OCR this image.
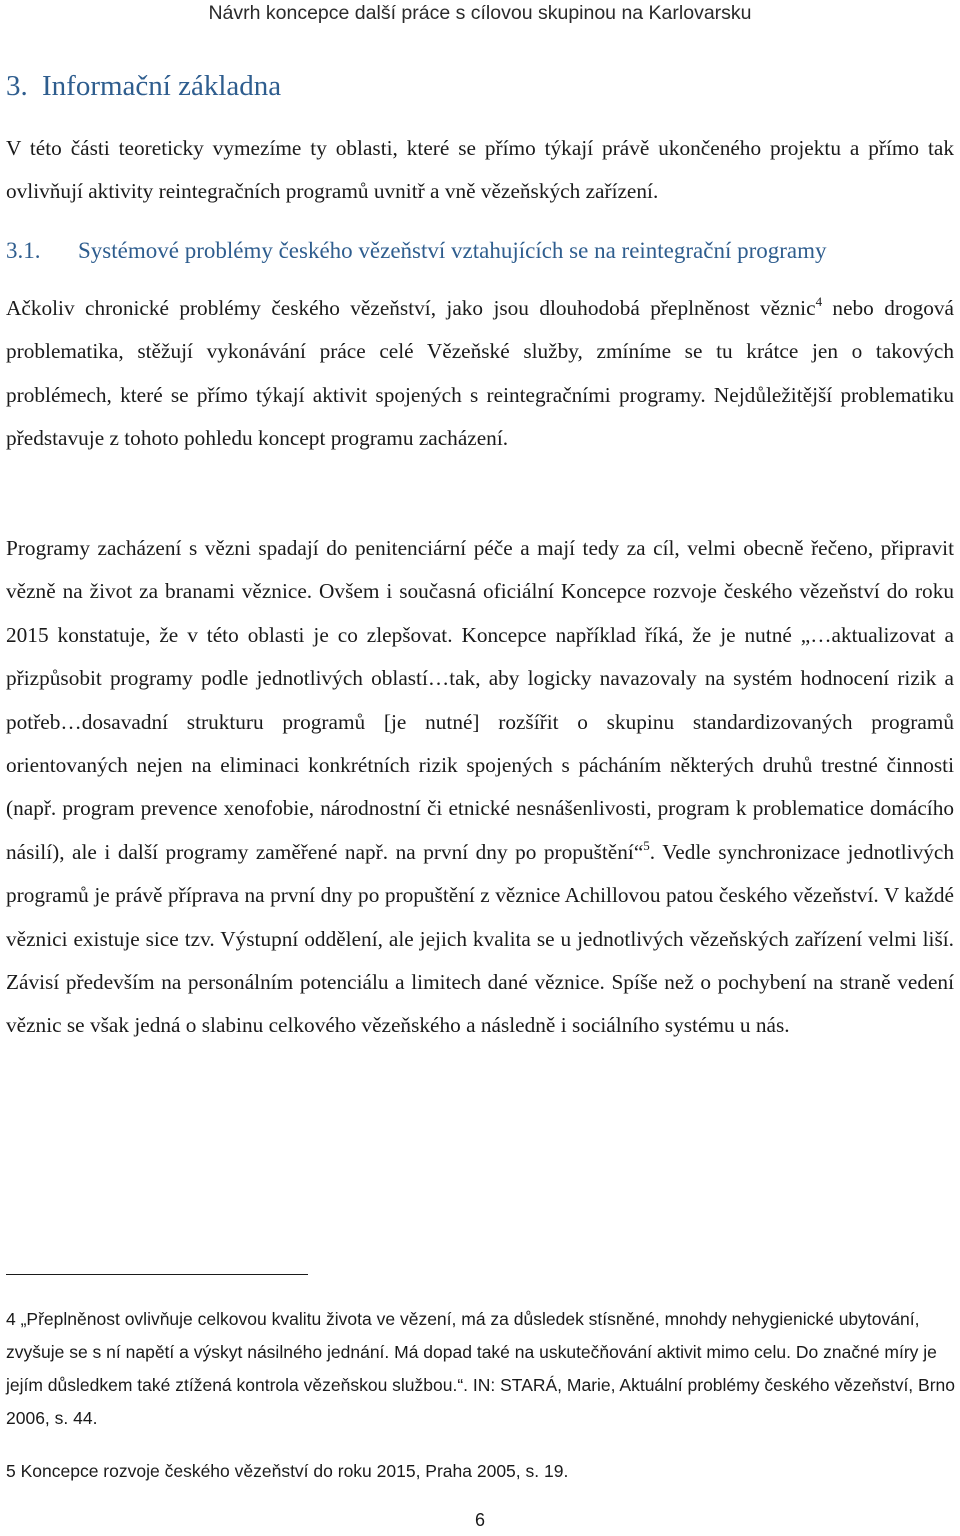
Návrh koncepce další práce s cílovou skupinou na Karlovarsku
3. Informační základna
V této části teoreticky vymezíme ty oblasti, které se přímo týkají právě ukončeného projektu a přímo tak ovlivňují aktivity reintegračních programů uvnitř a vně vězeňských zařízení.
3.1. Systémové problémy českého vězeňství vztahujících se na reintegrační programy
Ačkoliv chronické problémy českého vězeňství, jako jsou dlouhodobá přeplněnost věznic$^4$ nebo drogová problematika, stěžují vykonávání práce celé Vězeňské služby, zmíníme se tu krátce jen o takových problémech, které se přímo týkají aktivit spojených s reintegračními programy. Nejdůležitější problematiku představuje z tohoto pohledu koncept programu zacházení.
Programy zacházení s vězni spadají do penitenciární péče a mají tedy za cíl, velmi obecně řečeno, připravit vězně na život za branami věznice. Ovšem i současná oficiální Koncepce rozvoje českého vězeňství do roku 2015 konstatuje, že v této oblasti je co zlepšovat. Koncepce například říká, že je nutné „…aktualizovat a přizpůsobit programy podle jednotlivých oblastí…tak, aby logicky navazovaly na systém hodnocení rizik a potřeb…dosavadní strukturu programů [je nutné] rozšířit o skupinu standardizovaných programů orientovaných nejen na eliminaci konkrétních rizik spojených s pácháním některých druhů trestné činnosti (např. program prevence xenofobie, národnostní či etnické nesnášenlivosti, program k problematice domácího násilí), ale i další programy zaměřené např. na první dny po propuštění“$^5$. Vedle synchronizace jednotlivých programů je právě příprava na první dny po propuštění z věznice Achillovou patou českého vězeňství. V každé věznici existuje sice tzv. Výstupní oddělení, ale jejich kvalita se u jednotlivých vězeňských zařízení velmi liší. Závisí především na personálním potenciálu a limitech dané věznice. Spíše než o pochybení na straně vedení věznic se však jedná o slabinu celkového vězeňského a následně i sociálního systému u nás.
4 „Přeplněnost ovlivňuje celkovou kvalitu života ve vězení, má za důsledek stísněné, mnohdy nehygienické ubytování, zvyšuje se s ní napětí a výskyt násilného jednání. Má dopad také na uskutečňování aktivit mimo celu. Do značné míry je jejím důsledkem také ztížená kontrola vězeňskou službou.“. IN: STARÁ, Marie, Aktuální problémy českého vězeňství, Brno 2006, s. 44.
5 Koncepce rozvoje českého vězeňství do roku 2015, Praha 2005, s. 19.
6
